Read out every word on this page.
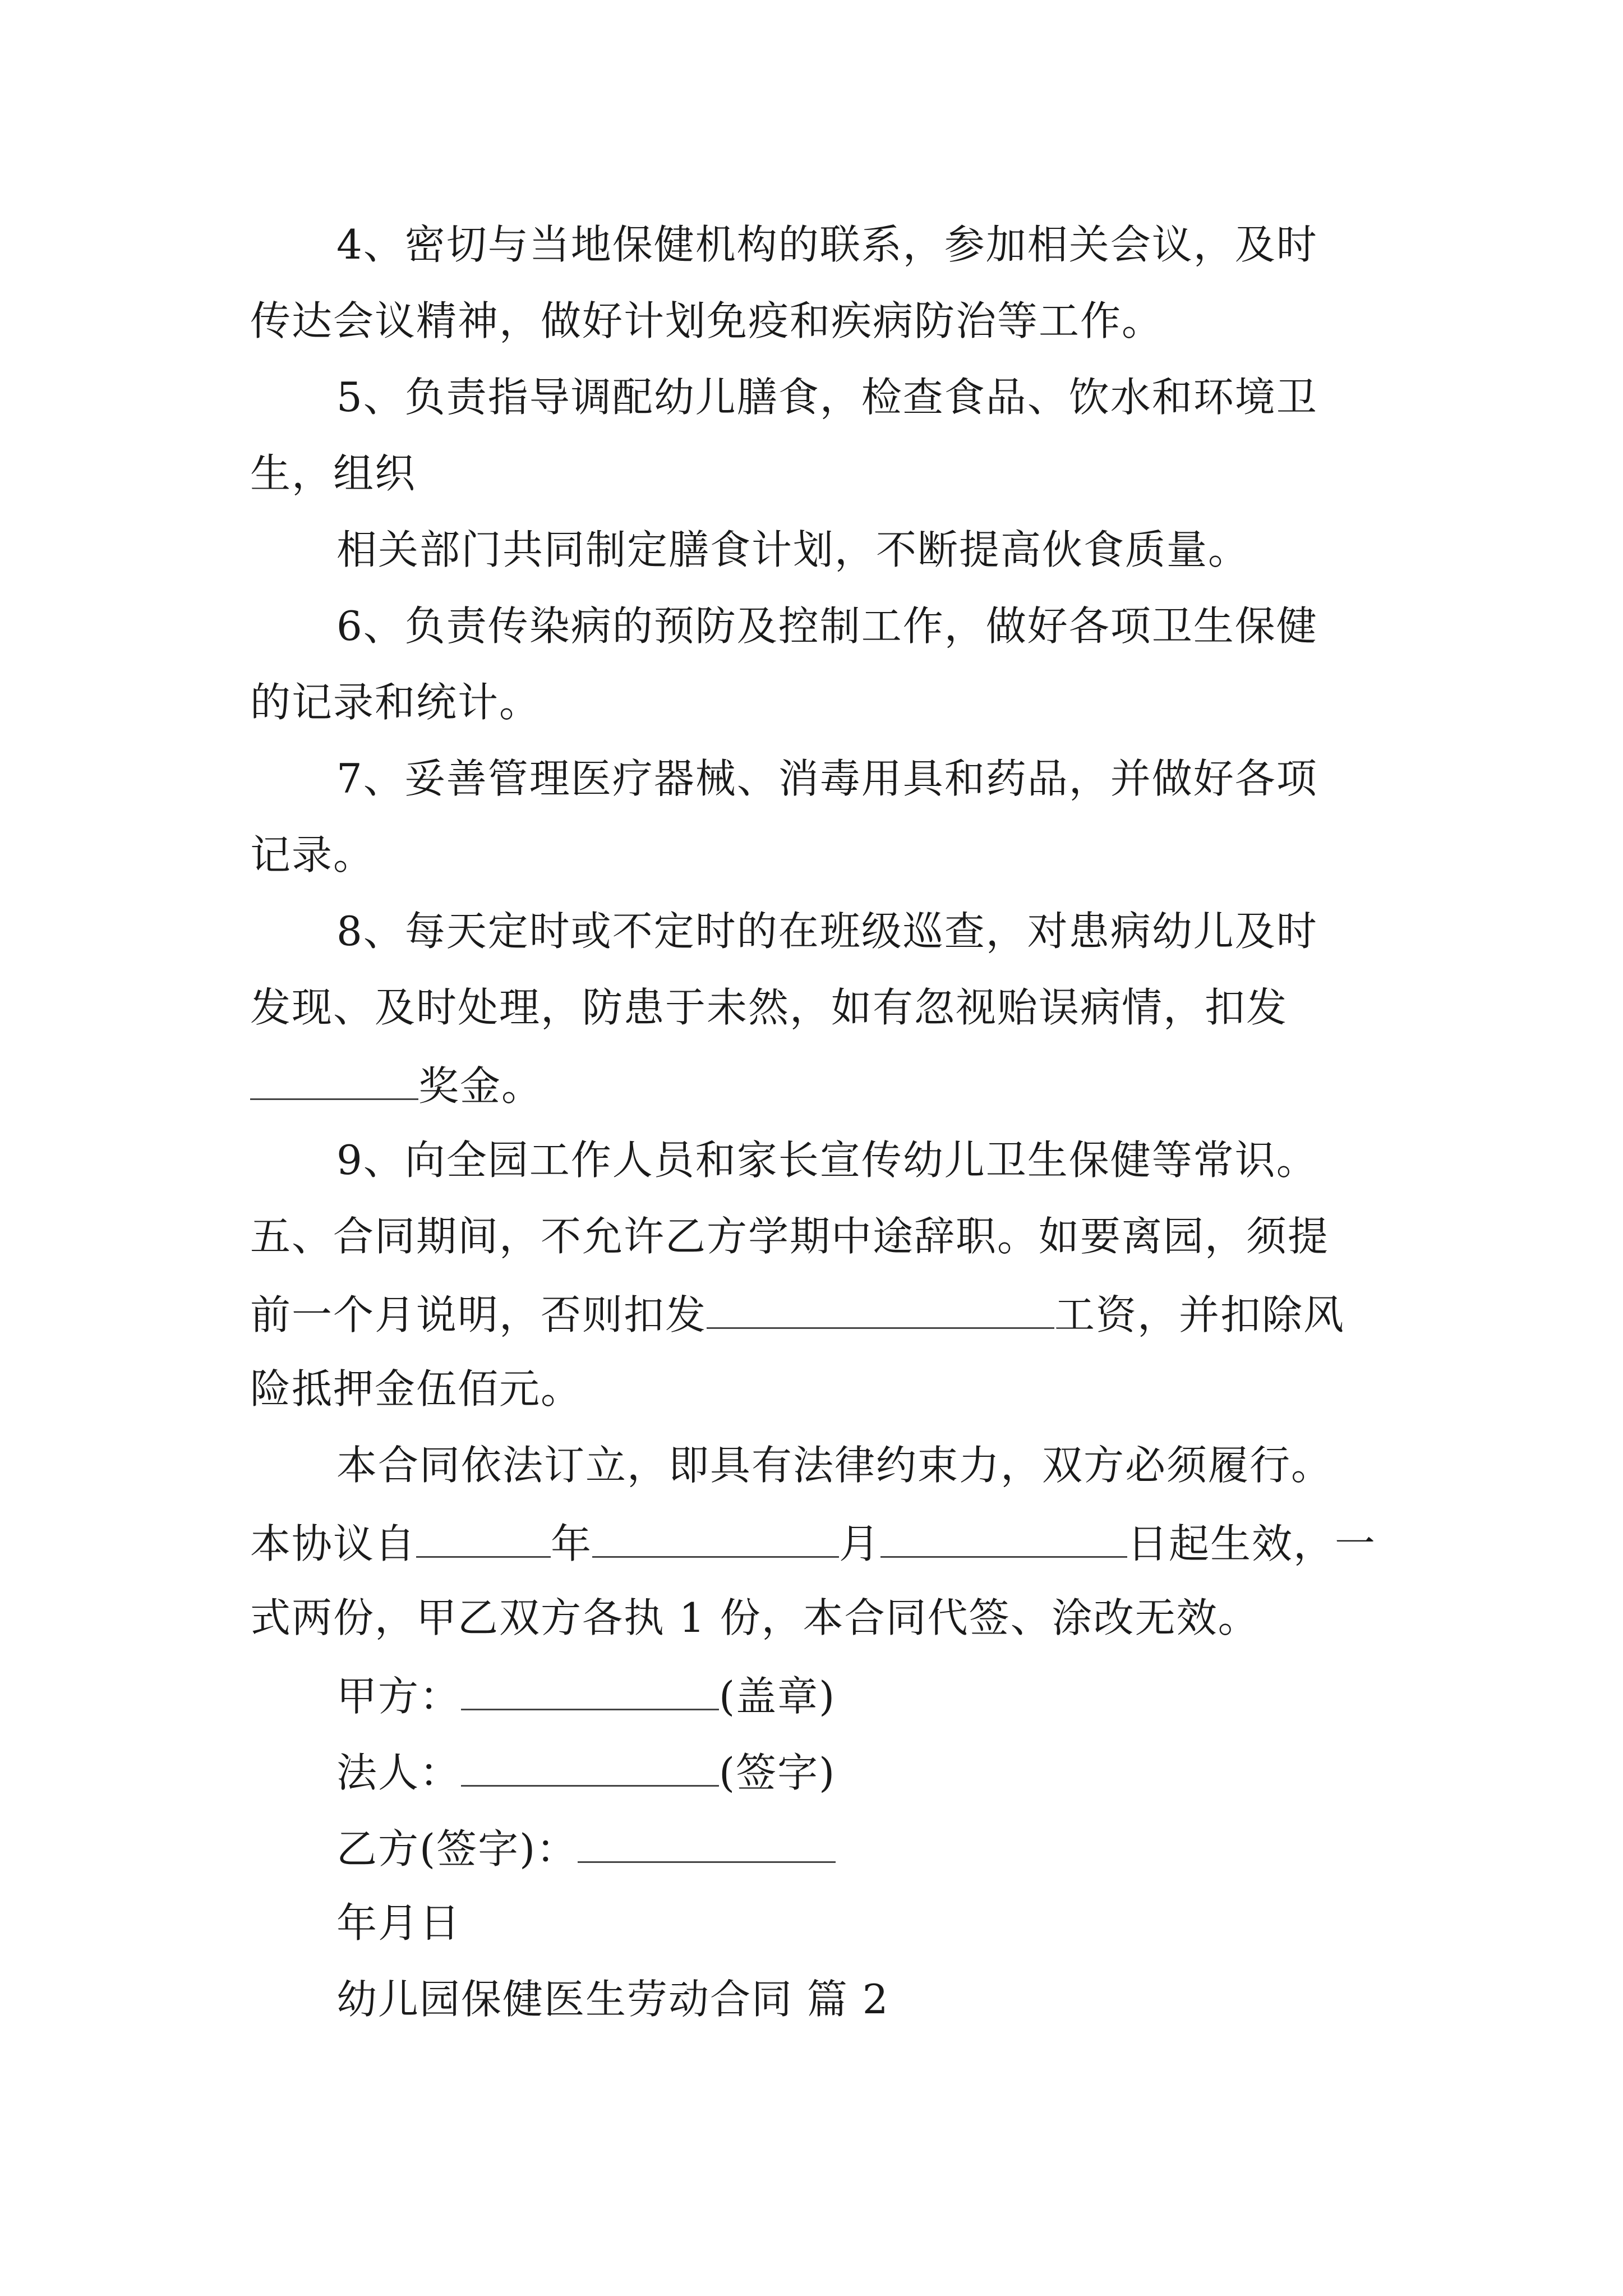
4、密切与当地保健机构的联系，参加相关会议，及时
传达会议精神，做好计划免疫和疾病防治等工作。
5、负责指导调配幼儿膳食，检查食品、饮水和环境卫
生，组织
相关部门共同制定膳食计划，不断提高伙食质量。
6、负责传染病的预防及控制工作，做好各项卫生保健
的记录和统计。
7、妥善管理医疗器械、消毒用具和药品，并做好各项
记录。
8、每天定时或不定时的在班级巡查，对患病幼儿及时
发现、及时处理，防患于未然，如有忽视贻误病情，扣发
奖金。
9、向全园工作人员和家长宣传幼儿卫生保健等常识。
五、合同期间，不允许乙方学期中途辞职。如要离园，须提
前一个月说明，否则扣发	工资，并扣除风
险抵押金伍佰元。
本合同依法订立，即具有法律约束力，双方必须履行。
本协议自	年	月	日起生效，一
式两份，甲乙双方各执 1 份，本合同代签、涂改无效。
甲方：	(盖章)
法人：	(签字)
乙方(签字)：
年月日
幼儿园保健医生劳动合同 篇 2
